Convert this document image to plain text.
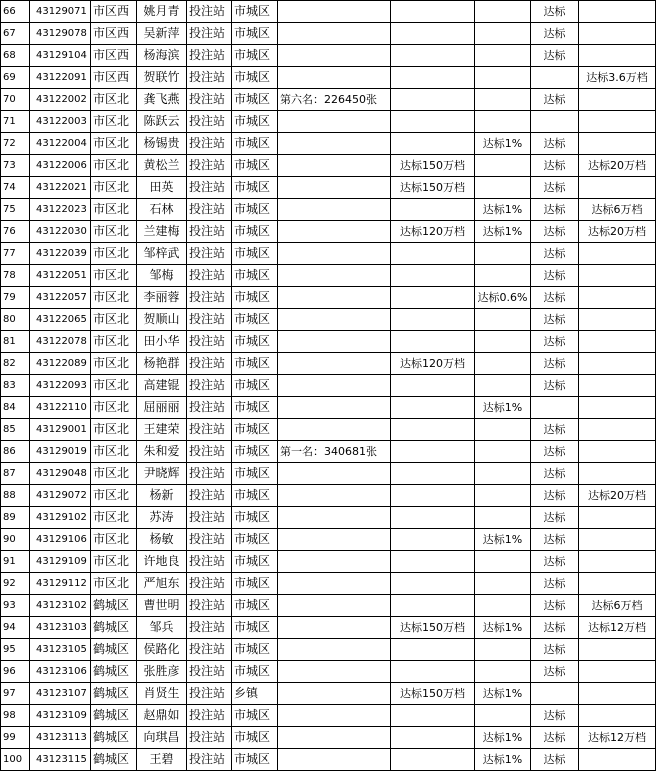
66	43129071	市区西	姚月青	投注站	市城区				达标	
67	43129078	市区西	吴新萍	投注站	市城区				达标	
68	43129104	市区西	杨海滨	投注站	市城区				达标	
69	43122091	市区西	贺联竹	投注站	市城区					达标3.6万档
70	43122002	市区北	龚飞燕	投注站	市城区	第六名：226450张			达标	
71	43122003	市区北	陈跃云	投注站	市城区					
72	43122004	市区北	杨锡贵	投注站	市城区			达标1%	达标	
73	43122006	市区北	黄松兰	投注站	市城区		达标150万档		达标	达标20万档
74	43122021	市区北	田英	投注站	市城区		达标150万档		达标	
75	43122023	市区北	石林	投注站	市城区			达标1%	达标	达标6万档
76	43122030	市区北	兰建梅	投注站	市城区		达标120万档	达标1%	达标	达标20万档
77	43122039	市区北	邹梓武	投注站	市城区				达标	
78	43122051	市区北	邹梅	投注站	市城区				达标	
79	43122057	市区北	李丽蓉	投注站	市城区			达标0.6%	达标	
80	43122065	市区北	贺顺山	投注站	市城区				达标	
81	43122078	市区北	田小华	投注站	市城区				达标	
82	43122089	市区北	杨艳群	投注站	市城区		达标120万档		达标	
83	43122093	市区北	高建锟	投注站	市城区				达标	
84	43122110	市区北	屈丽丽	投注站	市城区			达标1%		
85	43129001	市区北	王建荣	投注站	市城区				达标	
86	43129019	市区北	朱和爱	投注站	市城区	第一名：340681张			达标	
87	43129048	市区北	尹晓辉	投注站	市城区				达标	
88	43129072	市区北	杨新	投注站	市城区				达标	达标20万档
89	43129102	市区北	苏涛	投注站	市城区				达标	
90	43129106	市区北	杨敏	投注站	市城区			达标1%	达标	
91	43129109	市区北	许地良	投注站	市城区				达标	
92	43129112	市区北	严旭东	投注站	市城区				达标	
93	43123102	鹤城区	曹世明	投注站	市城区				达标	达标6万档
94	43123103	鹤城区	邹兵	投注站	市城区		达标150万档	达标1%	达标	达标12万档
95	43123105	鹤城区	侯路化	投注站	市城区				达标	
96	43123106	鹤城区	张胜彦	投注站	市城区				达标	
97	43123107	鹤城区	肖贤生	投注站	乡镇		达标150万档	达标1%		
98	43123109	鹤城区	赵鼎如	投注站	市城区				达标	
99	43123113	鹤城区	向琪昌	投注站	市城区			达标1%	达标	达标12万档
100	43123115	鹤城区	王碧	投注站	市城区			达标1%	达标	
